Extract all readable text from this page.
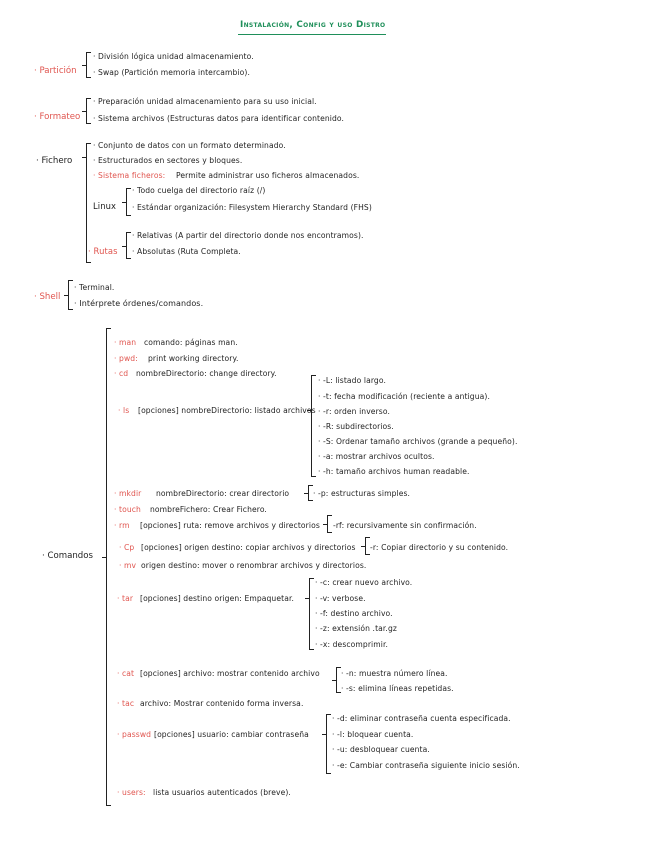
Instalación, Config y uso Distro
· Partición
· División lógica unidad almacenamiento.
· Swap (Partición memoria intercambio).
· Formateo
· Preparación unidad almacenamiento para su uso inicial.
· Sistema archivos (Estructuras datos para identificar contenido.
· Fichero
· Conjunto de datos con un formato determinado.
· Estructurados en sectores y bloques.
· Sistema ficheros: Permite administrar uso ficheros almacenados.
Linux
· Todo cuelga del directorio raíz (/)
· Estándar organización: Filesystem Hierarchy Standard (FHS)
· Rutas
· Relativas (A partir del directorio donde nos encontramos).
· Absolutas (Ruta Completa.
· Shell
· Terminal.
· Intérprete órdenes/comandos.
· Comandos
· man comando: páginas man.
· pwd: print working directory.
· cd nombreDirectorio: change directory.
· ls [opciones] nombreDirectorio: listado archivos
· -L: listado largo.
· -t: fecha modificación (reciente a antigua).
· -r: orden inverso.
· -R: subdirectorios.
· -S: Ordenar tamaño archivos (grande a pequeño).
· -a: mostrar archivos ocultos.
· -h: tamaño archivos human readable.
· mkdir nombreDirectorio: crear directorio	· -p: estructuras simples.
· touch nombreFichero: Crear Fichero.
· rm [opciones] ruta: remove archivos y directorios -rf: recursivamente sin confirmación.
· Cp [opciones] origen destino: copiar archivos y directorios -r: Copiar directorio y su contenido.
· mv origen destino: mover o renombrar archivos y directorios.
· tar [opciones] destino origen: Empaquetar.
· -c: crear nuevo archivo.
· -v: verbose.
· -f: destino archivo.
· -z: extensión .tar.gz
· -x: descomprimir.
· cat [opciones] archivo: mostrar contenido archivo	· -n: muestra número línea.
· -s: elimina líneas repetidas.
· tac archivo: Mostrar contenido forma inversa.
· passwd [opciones] usuario: cambiar contraseña
· -d: eliminar contraseña cuenta especificada.
· -l: bloquear cuenta.
· -u: desbloquear cuenta.
· -e: Cambiar contraseña siguiente inicio sesión.
· users: lista usuarios autenticados (breve).
